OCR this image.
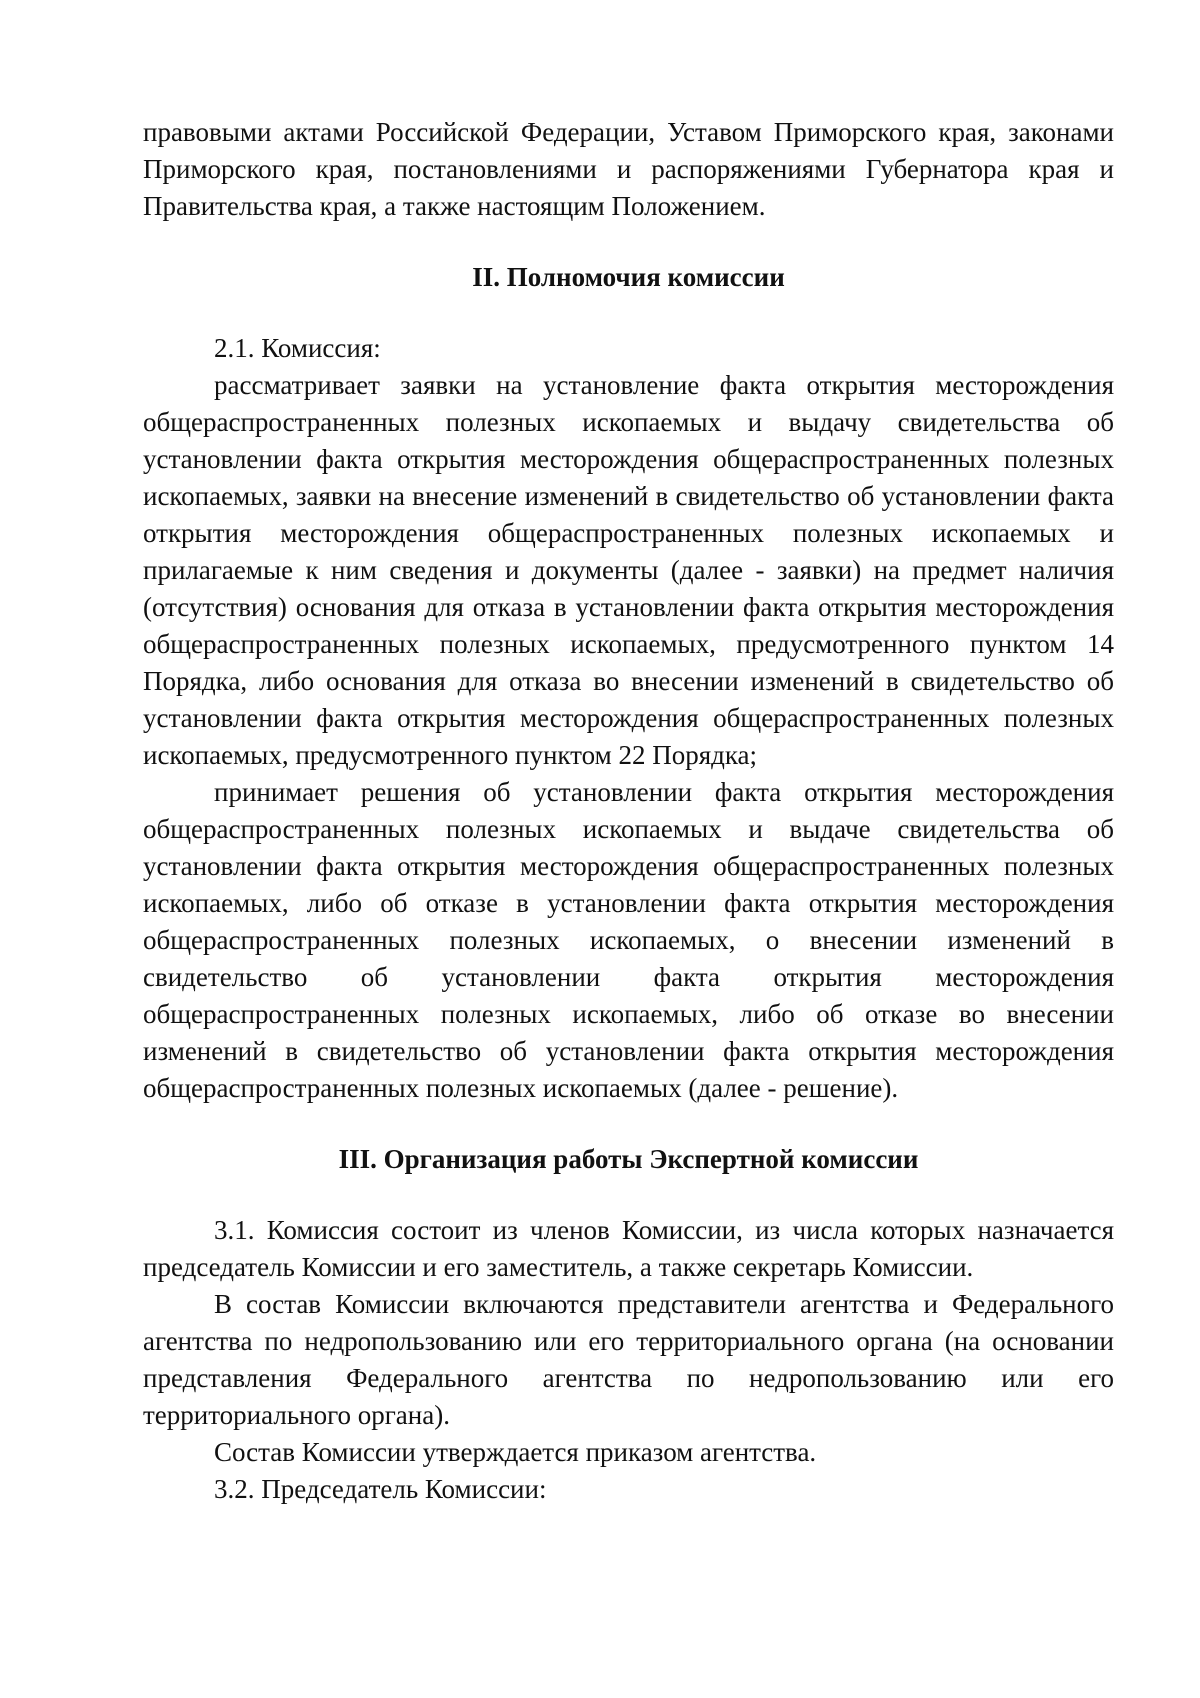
правовыми актами Российской Федерации, Уставом Приморского края, законами Приморского края, постановлениями и распоряжениями Губернатора края и Правительства края, а также настоящим Положением.

II. Полномочия комиссии

2.1. Комиссия:

рассматривает заявки на установление факта открытия месторождения общераспространенных полезных ископаемых и выдачу свидетельства об установлении факта открытия месторождения общераспространенных полезных ископаемых, заявки на внесение изменений в свидетельство об установлении факта открытия месторождения общераспространенных полезных ископаемых и прилагаемые к ним сведения и документы (далее - заявки) на предмет наличия (отсутствия) основания для отказа в установлении факта открытия месторождения общераспространенных полезных ископаемых, предусмотренного пунктом 14 Порядка, либо основания для отказа во внесении изменений в свидетельство об установлении факта открытия месторождения общераспространенных полезных ископаемых, предусмотренного пунктом 22 Порядка;

принимает решения об установлении факта открытия месторождения общераспространенных полезных ископаемых и выдаче свидетельства об установлении факта открытия месторождения общераспространенных полезных ископаемых, либо об отказе в установлении факта открытия месторождения общераспространенных полезных ископаемых, о внесении изменений в свидетельство об установлении факта открытия месторождения общераспространенных полезных ископаемых, либо об отказе во внесении изменений в свидетельство об установлении факта открытия месторождения общераспространенных полезных ископаемых (далее - решение).

III. Организация работы Экспертной комиссии

3.1. Комиссия состоит из членов Комиссии, из числа которых назначается председатель Комиссии и его заместитель, а также секретарь Комиссии.

В состав Комиссии включаются представители агентства и Федерального агентства по недропользованию или его территориального органа (на основании представления Федерального агентства по недропользованию или его территориального органа).

Состав Комиссии утверждается приказом агентства.

3.2. Председатель Комиссии:
